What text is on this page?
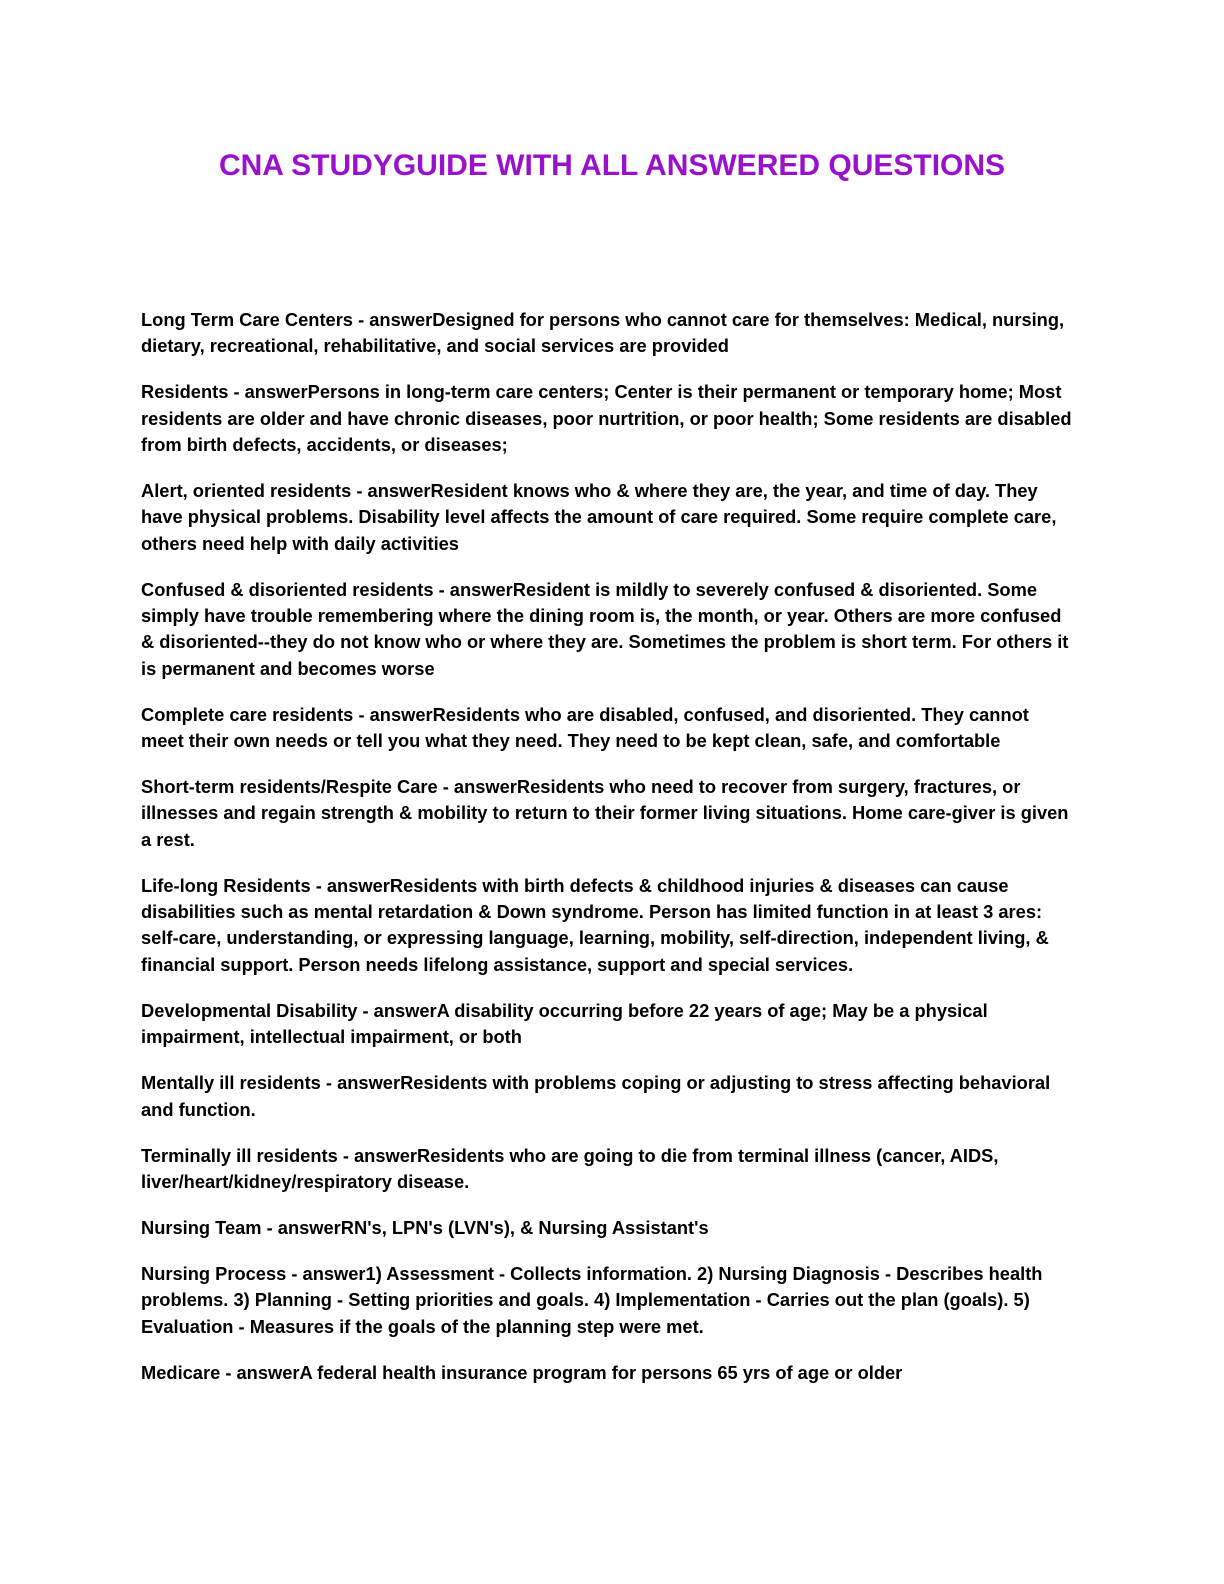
CNA STUDYGUIDE WITH ALL ANSWERED QUESTIONS

Long Term Care Centers - answerDesigned for persons who cannot care for themselves: Medical, nursing, dietary, recreational, rehabilitative, and social services are provided

Residents - answerPersons in long-term care centers; Center is their permanent or temporary home; Most residents are older and have chronic diseases, poor nurtrition, or poor health; Some residents are disabled from birth defects, accidents, or diseases;

Alert, oriented residents - answerResident knows who & where they are, the year, and time of day. They have physical problems. Disability level affects the amount of care required. Some require complete care, others need help with daily activities

Confused & disoriented residents - answerResident is mildly to severely confused & disoriented. Some simply have trouble remembering where the dining room is, the month, or year. Others are more confused & disoriented--they do not know who or where they are. Sometimes the problem is short term. For others it is permanent and becomes worse

Complete care residents - answerResidents who are disabled, confused, and disoriented. They cannot meet their own needs or tell you what they need. They need to be kept clean, safe, and comfortable

Short-term residents/Respite Care - answerResidents who need to recover from surgery, fractures, or illnesses and regain strength & mobility to return to their former living situations. Home care-giver is given a rest.

Life-long Residents - answerResidents with birth defects & childhood injuries & diseases can cause disabilities such as mental retardation & Down syndrome. Person has limited function in at least 3 ares: self-care, understanding, or expressing language, learning, mobility, self-direction, independent living, & financial support. Person needs lifelong assistance, support and special services.

Developmental Disability - answerA disability occurring before 22 years of age; May be a physical impairment, intellectual impairment, or both

Mentally ill residents - answerResidents with problems coping or adjusting to stress affecting behavioral and function.

Terminally ill residents - answerResidents who are going to die from terminal illness (cancer, AIDS, liver/heart/kidney/respiratory disease.

Nursing Team - answerRN's, LPN's (LVN's), & Nursing Assistant's

Nursing Process - answer1) Assessment - Collects information. 2) Nursing Diagnosis - Describes health problems. 3) Planning - Setting priorities and goals. 4) Implementation - Carries out the plan (goals). 5) Evaluation - Measures if the goals of the planning step were met.

Medicare - answerA federal health insurance program for persons 65 yrs of age or older
